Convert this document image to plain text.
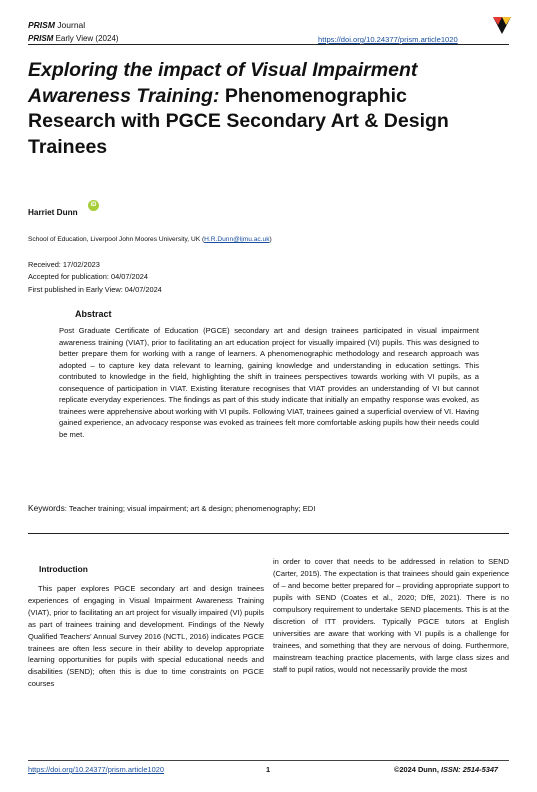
PRISM Journal
PRISM Early View (2024)	https://doi.org/10.24377/prism.article1020
Exploring the impact of Visual Impairment Awareness Training: Phenomenographic Research with PGCE Secondary Art & Design Trainees
Harriet Dunn
iD
School of Education, Liverpool John Moores University, UK (H.R.Dunn@ljmu.ac.uk)
Received: 17/02/2023
Accepted for publication: 04/07/2024
First published in Early View: 04/07/2024
Abstract
Post Graduate Certificate of Education (PGCE) secondary art and design trainees participated in visual impairment awareness training (VIAT), prior to facilitating an art education project for visually impaired (VI) pupils. This was designed to better prepare them for working with a range of learners. A phenomenographic methodology and research approach was adopted – to capture key data relevant to learning, gaining knowledge and understanding in education settings. This contributed to knowledge in the field, highlighting the shift in trainees perspectives towards working with VI pupils, as a consequence of participation in VIAT. Existing literature recognises that VIAT provides an understanding of VI but cannot replicate everyday experiences. The findings as part of this study indicate that initially an empathy response was evoked, as trainees were apprehensive about working with VI pupils. Following VIAT, trainees gained a superficial overview of VI. Having gained experience, an advocacy response was evoked as trainees felt more comfortable asking pupils how their needs could be met.
Keywords: Teacher training; visual impairment; art & design; phenomenography; EDI
Introduction
This paper explores PGCE secondary art and design trainees experiences of engaging in Visual Impairment Awareness Training (VIAT), prior to facilitating an art project for visually impaired (VI) pupils as part of trainees training and development. Findings of the Newly Qualified Teachers' Annual Survey 2016 (NCTL, 2016) indicates PGCE trainees are often less secure in their ability to develop appropriate learning opportunities for pupils with special educational needs and disabilities (SEND); often this is due to time constraints on PGCE courses
in order to cover that needs to be addressed in relation to SEND (Carter, 2015). The expectation is that trainees should gain experience of – and become better prepared for – providing appropriate support to pupils with SEND (Coates et al., 2020; DfE, 2021). There is no compulsory requirement to undertake SEND placements. This is at the discretion of ITT providers. Typically PGCE tutors at English universities are aware that working with VI pupils is a challenge for trainees, and something that they are nervous of doing. Furthermore, mainstream teaching practice placements, with large class sizes and staff to pupil ratios, would not necessarily provide the most
https://doi.org/10.24377/prism.article1020	1	©2024 Dunn, ISSN: 2514-5347
